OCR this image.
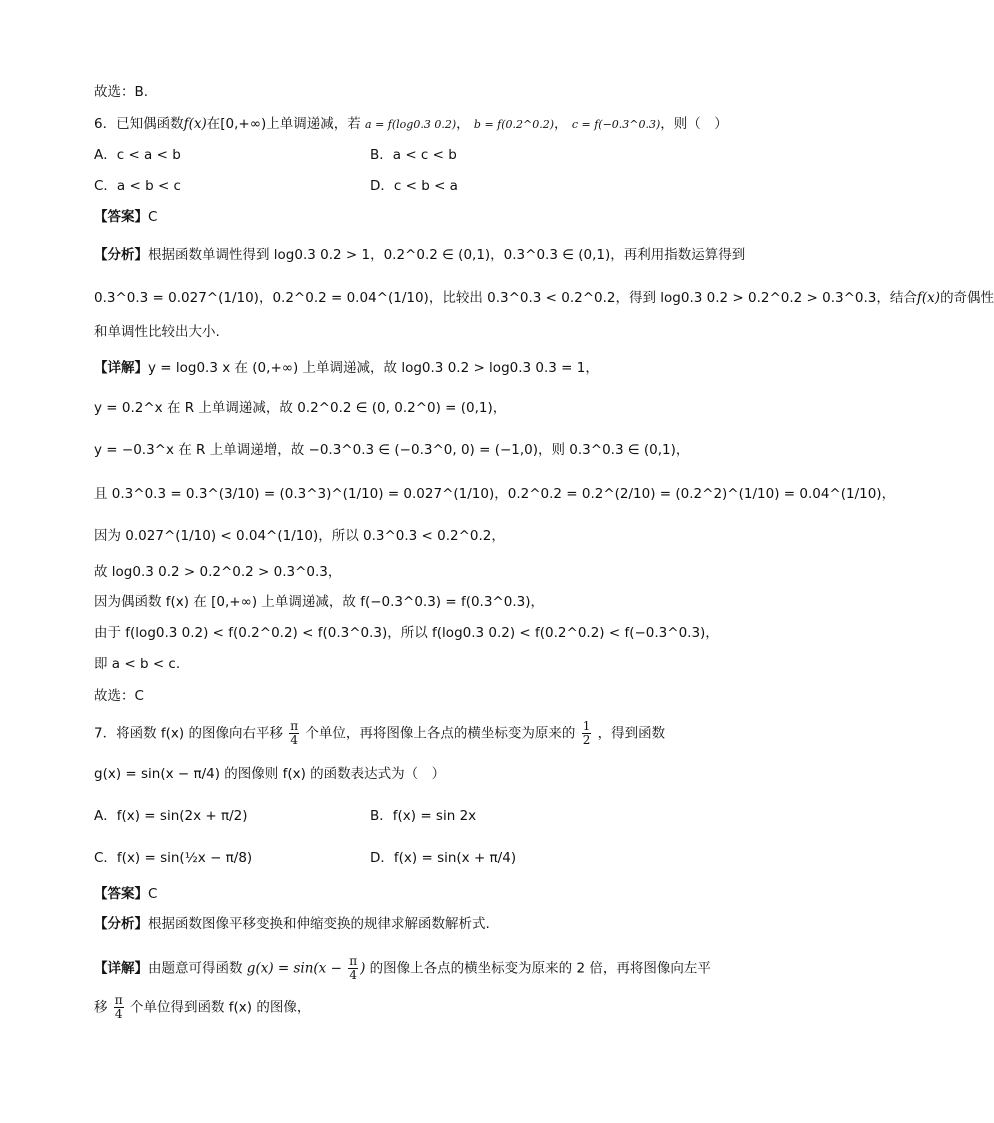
故选：B.
6．已知偶函数f(x)在[0,+∞)上单调递减，若 a = f(log0.3 0.2)， b = f(0.2^0.2)， c = f(−0.3^0.3)，则（　）
A．c < a < b	B．a < c < b
C．a < b < c	D．c < b < a
【答案】C
【分析】根据函数单调性得到 log0.3 0.2 > 1，0.2^0.2 ∈ (0,1)，0.3^0.3 ∈ (0,1)，再利用指数运算得到
0.3^0.3 = 0.027^(1/10)，0.2^0.2 = 0.04^(1/10)，比较出 0.3^0.3 < 0.2^0.2，得到 log0.3 0.2 > 0.2^0.2 > 0.3^0.3，结合f(x)的奇偶性
和单调性比较出大小.
【详解】y = log0.3 x 在 (0,+∞) 上单调递减，故 log0.3 0.2 > log0.3 0.3 = 1，
y = 0.2^x 在 R 上单调递减，故 0.2^0.2 ∈ (0, 0.2^0) = (0,1)，
y = −0.3^x 在 R 上单调递增，故 −0.3^0.3 ∈ (−0.3^0, 0) = (−1,0)，则 0.3^0.3 ∈ (0,1)，
且 0.3^0.3 = 0.3^(3/10) = (0.3^3)^(1/10) = 0.027^(1/10)，0.2^0.2 = 0.2^(2/10) = (0.2^2)^(1/10) = 0.04^(1/10)，
因为 0.027^(1/10) < 0.04^(1/10)，所以 0.3^0.3 < 0.2^0.2，
故 log0.3 0.2 > 0.2^0.2 > 0.3^0.3，
因为偶函数 f(x) 在 [0,+∞) 上单调递减，故 f(−0.3^0.3) = f(0.3^0.3)，
由于 f(log0.3 0.2) < f(0.2^0.2) < f(0.3^0.3)，所以 f(log0.3 0.2) < f(0.2^0.2) < f(−0.3^0.3)，
即 a < b < c.
故选：C
7．将函数 f(x) 的图像向右平移 $\frac{\pi}{4}$ 个单位，再将图像上各点的横坐标变为原来的 $\frac{1}{2}$ ，得到函数
g(x) = sin(x − π/4) 的图像则 f(x) 的函数表达式为（　）
A．f(x) = sin(2x + π/2)	B．f(x) = sin 2x
C．f(x) = sin(½x − π/8)	D．f(x) = sin(x + π/4)
【答案】C
【分析】根据函数图像平移变换和伸缩变换的规律求解函数解析式.
【详解】由题意可得函数 $g(x) = \sin(x - \frac{\pi}{4}$ ) 的图像上各点的横坐标变为原来的 2 倍，再将图像向左平
移 $\frac{\pi}{4}$ 个单位得到函数 f(x) 的图像，
